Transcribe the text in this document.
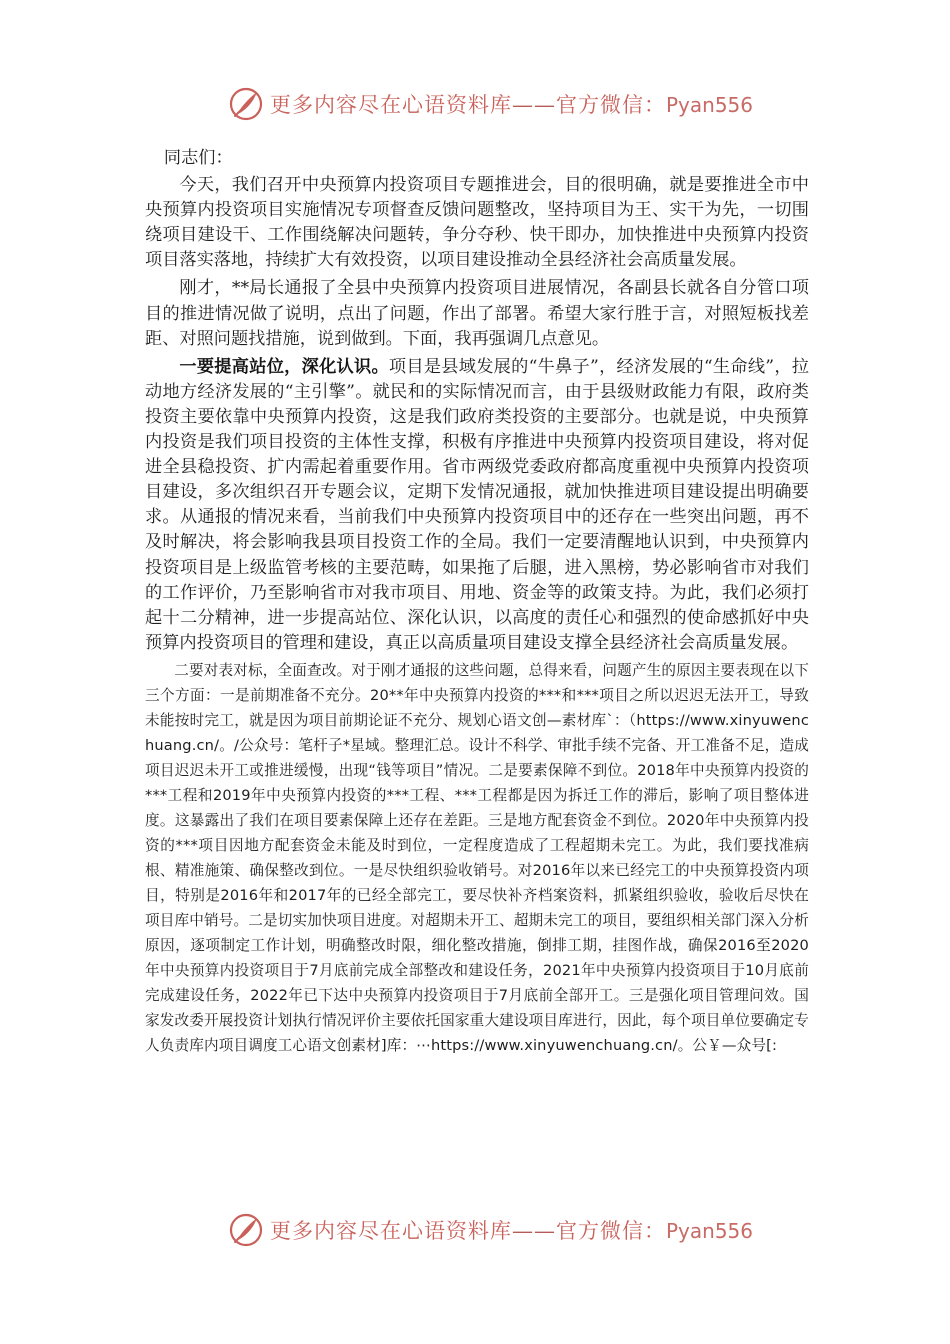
更多内容尽在心语资料库——官方微信：Pyan556

同志们：

今天，我们召开中央预算内投资项目专题推进会，目的很明确，就是要推进全市中央预算内投资项目实施情况专项督查反馈问题整改，坚持项目为王、实干为先，一切围绕项目建设干、工作围绕解决问题转，争分夺秒、快干即办，加快推进中央预算内投资项目落实落地，持续扩大有效投资，以项目建设推动全县经济社会高质量发展。

刚才，**局长通报了全县中央预算内投资项目进展情况，各副县长就各自分管口项目的推进情况做了说明，点出了问题，作出了部署。希望大家行胜于言，对照短板找差距、对照问题找措施，说到做到。下面，我再强调几点意见。

一要提高站位，深化认识。项目是县域发展的“牛鼻子”，经济发展的“生命线”，拉动地方经济发展的“主引擎”。就民和的实际情况而言，由于县级财政能力有限，政府类投资主要依靠中央预算内投资，这是我们政府类投资的主要部分。也就是说，中央预算内投资是我们项目投资的主体性支撑，积极有序推进中央预算内投资项目建设，将对促进全县稳投资、扩内需起着重要作用。省市两级党委政府都高度重视中央预算内投资项目建设，多次组织召开专题会议，定期下发情况通报，就加快推进项目建设提出明确要求。从通报的情况来看，当前我们中央预算内投资项目中的还存在一些突出问题，再不及时解决，将会影响我县项目投资工作的全局。我们一定要清醒地认识到，中央预算内投资项目是上级监管考核的主要范畴，如果拖了后腿，进入黑榜，势必影响省市对我们的工作评价，乃至影响省市对我市项目、用地、资金等的政策支持。为此，我们必须打起十二分精神，进一步提高站位、深化认识，以高度的责任心和强烈的使命感抓好中央预算内投资项目的管理和建设，真正以高质量项目建设支撑全县经济社会高质量发展。

二要对表对标，全面查改。对于刚才通报的这些问题，总得来看，问题产生的原因主要表现在以下三个方面：一是前期准备不充分。20**年中央预算内投资的***和***项目之所以迟迟无法开工，导致未能按时完工，就是因为项目前期论证不充分、规划心语文创—素材库`：（https://www.xinyuwenchuang.cn/。/公众号：笔杆子*星域。整理汇总。设计不科学、审批手续不完备、开工准备不足，造成项目迟迟未开工或推进缓慢，出现“钱等项目”情况。二是要素保障不到位。2018年中央预算内投资的***工程和2019年中央预算内投资的***工程、***工程都是因为拆迁工作的滞后，影响了项目整体进度。这暴露出了我们在项目要素保障上还存在差距。三是地方配套资金不到位。2020年中央预算内投资的***项目因地方配套资金未能及时到位，一定程度造成了工程超期未完工。为此，我们要找准病根、精准施策、确保整改到位。一是尽快组织验收销号。对2016年以来已经完工的中央预算投资内项目，特别是2016年和2017年的已经全部完工，要尽快补齐档案资料，抓紧组织验收，验收后尽快在项目库中销号。二是切实加快项目进度。对超期未开工、超期未完工的项目，要组织相关部门深入分析原因，逐项制定工作计划，明确整改时限，细化整改措施，倒排工期，挂图作战，确保2016至2020年中央预算内投资项目于7月底前完成全部整改和建设任务，2021年中央预算内投资项目于10月底前完成建设任务，2022年已下达中央预算内投资项目于7月底前全部开工。三是强化项目管理问效。国家发改委开展投资计划执行情况评价主要依托国家重大建设项目库进行，因此，每个项目单位要确定专人负责库内项目调度工心语文创素材]库：⋯https://www.xinyuwenchuang.cn/。公￥—众号[:

更多内容尽在心语资料库——官方微信：Pyan556
